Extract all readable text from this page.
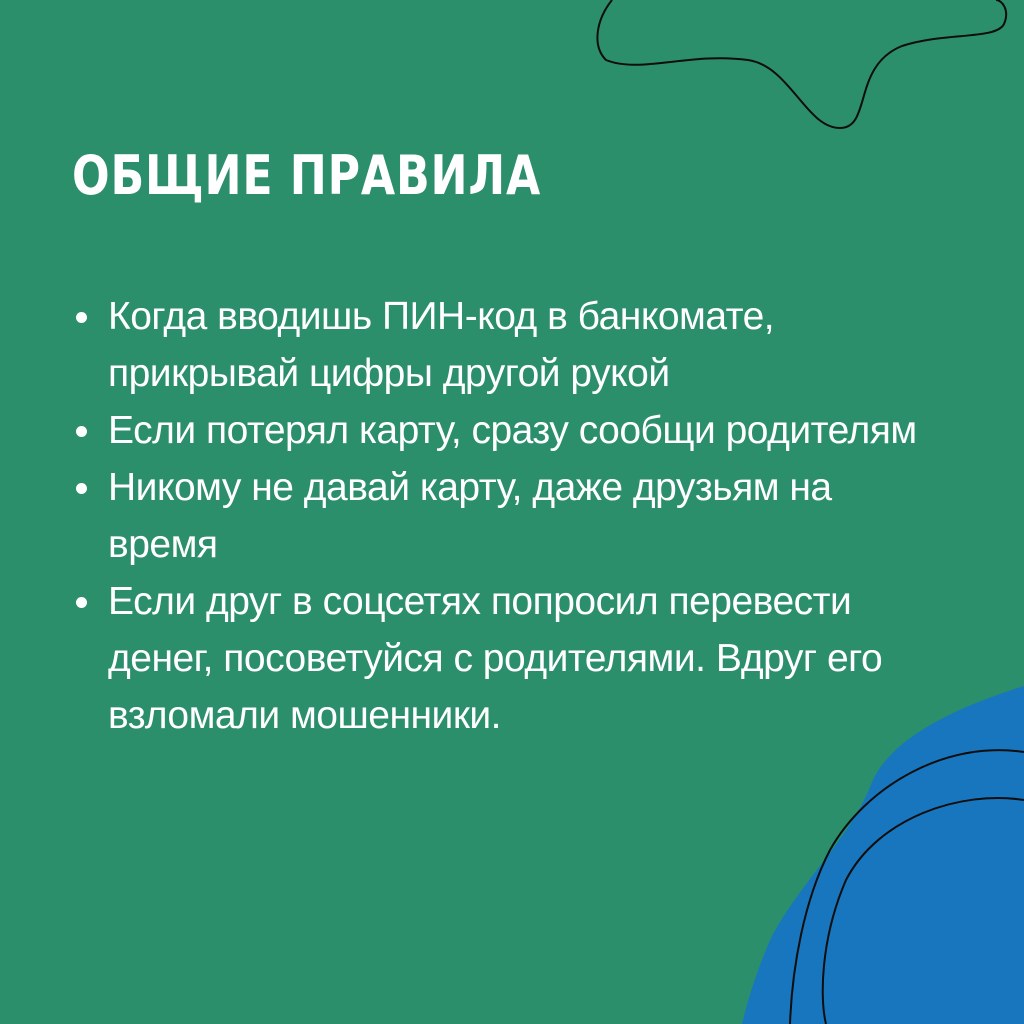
ОБЩИЕ ПРАВИЛА
Когда вводишь ПИН-код в банкомате, прикрывай цифры другой рукой
Если потерял карту, сразу сообщи родителям
Никому не давай карту, даже друзьям на время
Если друг в соцсетях попросил перевести денег, посоветуйся с родителями. Вдруг его взломали мошенники.
